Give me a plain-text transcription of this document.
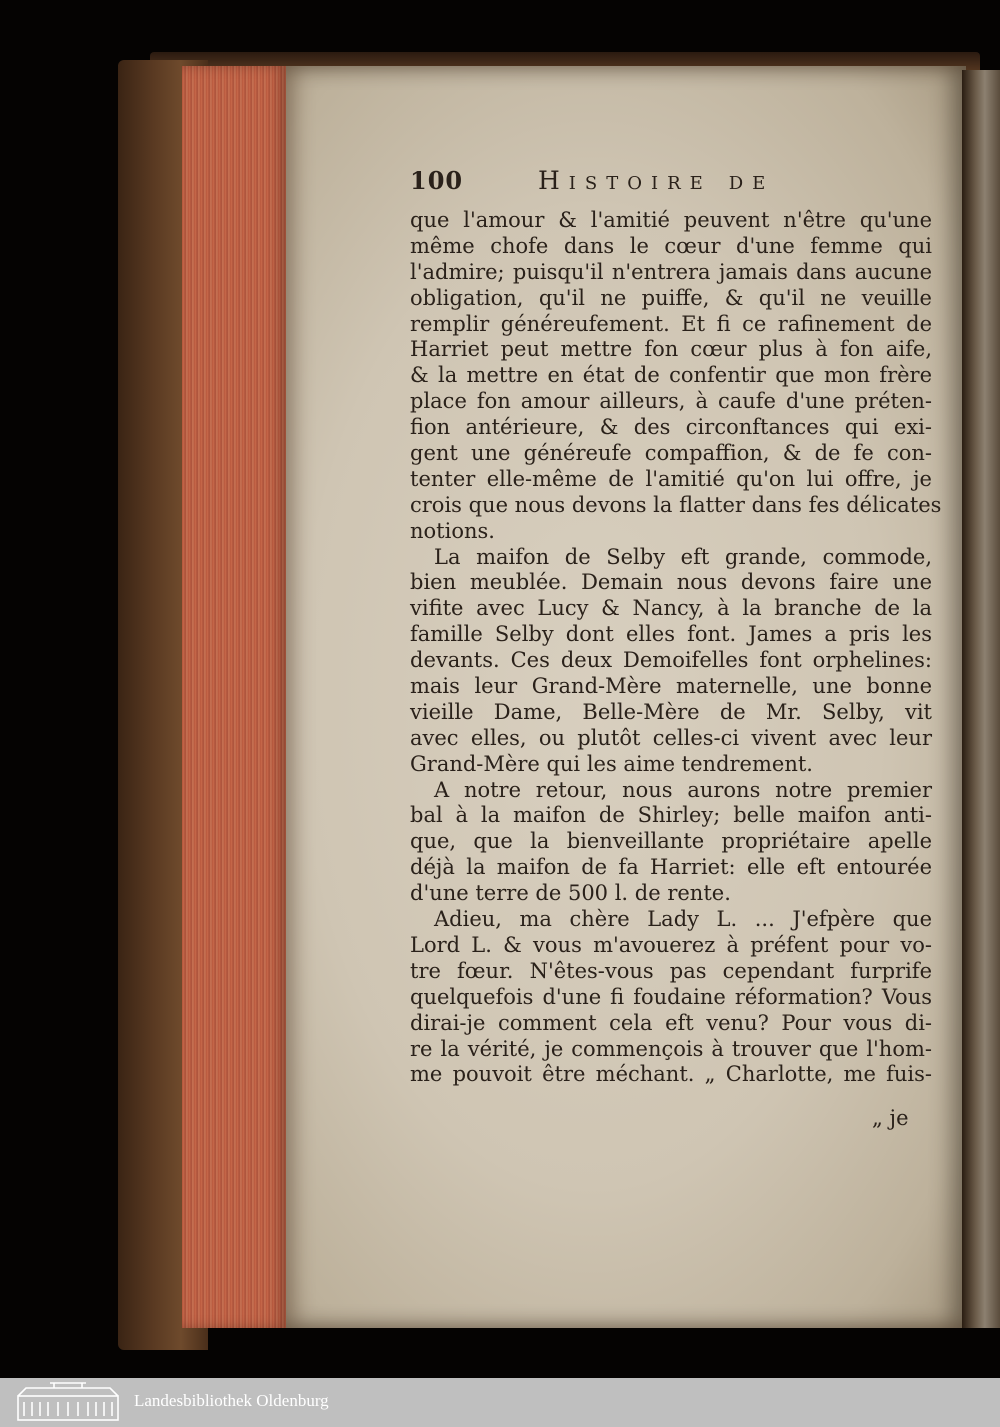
100	Histoire de
que l'amour & l'amitié peuvent n'être qu'une
même chofe dans le cœur d'une femme qui
l'admire; puisqu'il n'entrera jamais dans aucune
obligation, qu'il ne puiffe, & qu'il ne veuille
remplir généreufement. Et fi ce rafinement de
Harriet peut mettre fon cœur plus à fon aife,
& la mettre en état de confentir que mon frère
place fon amour ailleurs, à caufe d'une préten-
fion antérieure, & des circonftances qui exi-
gent une généreufe compaffion, & de fe con-
tenter elle-même de l'amitié qu'on lui offre, je
crois que nous devons la flatter dans fes délicates
notions.
La maifon de Selby eft grande, commode,
bien meublée. Demain nous devons faire une
vifite avec Lucy & Nancy, à la branche de la
famille Selby dont elles font. James a pris les
devants. Ces deux Demoifelles font orphelines:
mais leur Grand-Mère maternelle, une bonne
vieille Dame, Belle-Mère de Mr. Selby, vit
avec elles, ou plutôt celles-ci vivent avec leur
Grand-Mère qui les aime tendrement.
A notre retour, nous aurons notre premier
bal à la maifon de Shirley; belle maifon anti-
que, que la bienveillante propriétaire apelle
déjà la maifon de fa Harriet: elle eft entourée
d'une terre de 500 l. de rente.
Adieu, ma chère Lady L. ... J'efpère que
Lord L. & vous m'avouerez à préfent pour vo-
tre fœur. N'êtes-vous pas cependant furprife
quelquefois d'une fi foudaine réformation? Vous
dirai-je comment cela eft venu? Pour vous di-
re la vérité, je commençois à trouver que l'hom-
me pouvoit être méchant. „ Charlotte, me fuis-
„ je
Landesbibliothek Oldenburg
